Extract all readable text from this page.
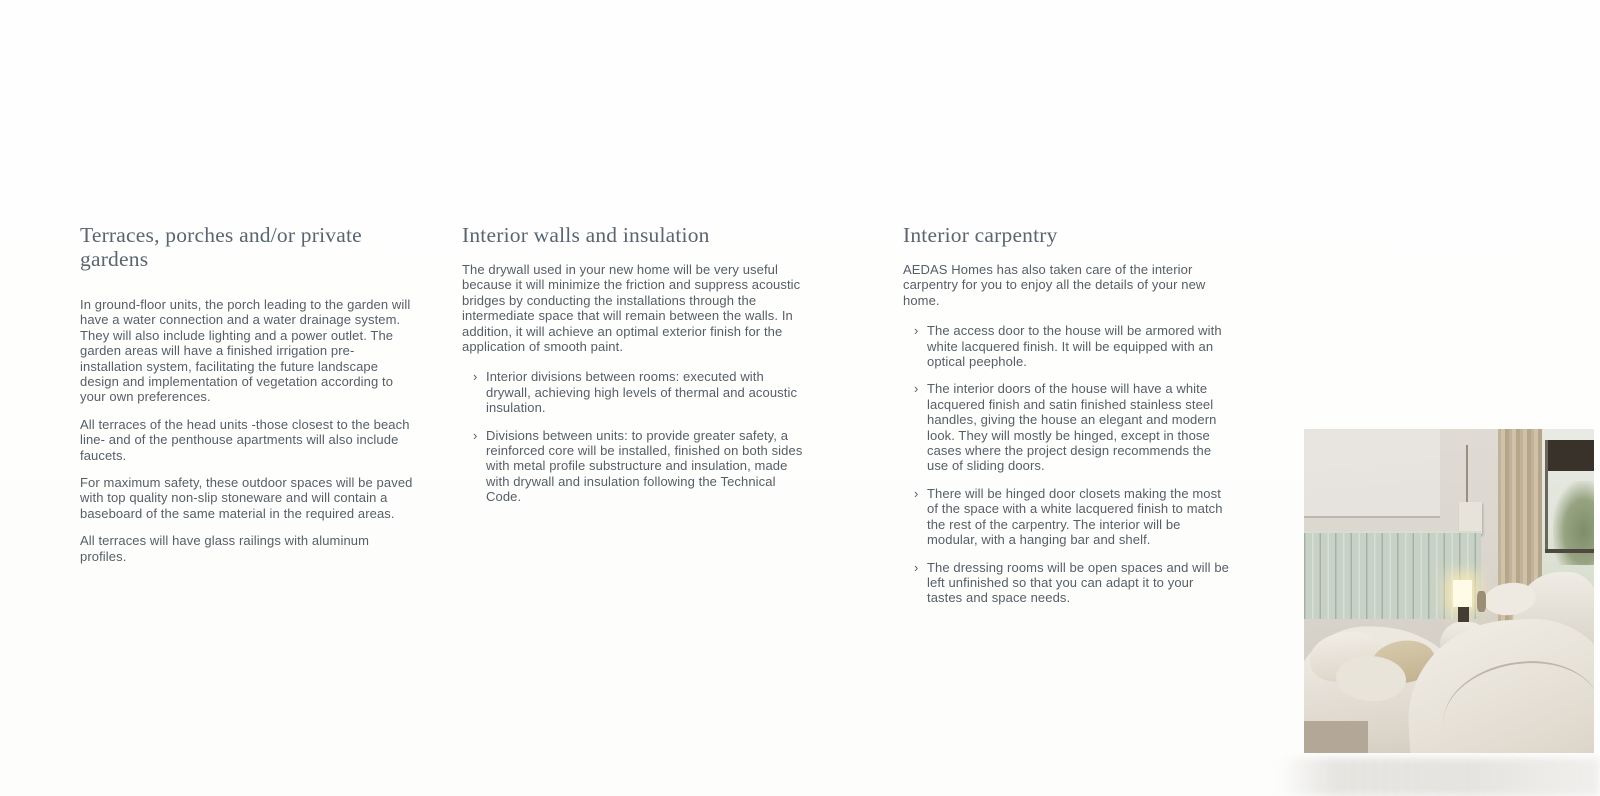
Terraces, porches and/or private gardens

In ground-floor units, the porch leading to the garden will have a water connection and a water drainage system. They will also include lighting and a power outlet. The garden areas will have a finished irrigation pre-installation system, facilitating the future landscape design and implementation of vegetation according to your own preferences.

All terraces of the head units -those closest to the beach line- and of the penthouse apartments will also include faucets.

For maximum safety, these outdoor spaces will be paved with top quality non-slip stoneware and will contain a baseboard of the same material in the required areas.

All terraces will have glass railings with aluminum profiles.

Interior walls and insulation

The drywall used in your new home will be very useful because it will minimize the friction and suppress acoustic bridges by conducting the installations through the intermediate space that will remain between the walls. In addition, it will achieve an optimal exterior finish for the application of smooth paint.

› Interior divisions between rooms: executed with drywall, achieving high levels of thermal and acoustic insulation.
› Divisions between units: to provide greater safety, a reinforced core will be installed, finished on both sides with metal profile substructure and insulation, made with drywall and insulation following the Technical Code.
Interior carpentry

AEDAS Homes has also taken care of the interior carpentry for you to enjoy all the details of your new home.

› The access door to the house will be armored with white lacquered finish. It will be equipped with an optical peephole.
› The interior doors of the house will have a white lacquered finish and satin finished stainless steel handles, giving the house an elegant and modern look. They will mostly be hinged, except in those cases where the project design recommends the use of sliding doors.
› There will be hinged door closets making the most of the space with a white lacquered finish to match the rest of the carpentry. The interior will be modular, with a hanging bar and shelf.
› The dressing rooms will be open spaces and will be left unfinished so that you can adapt it to your tastes and space needs.
